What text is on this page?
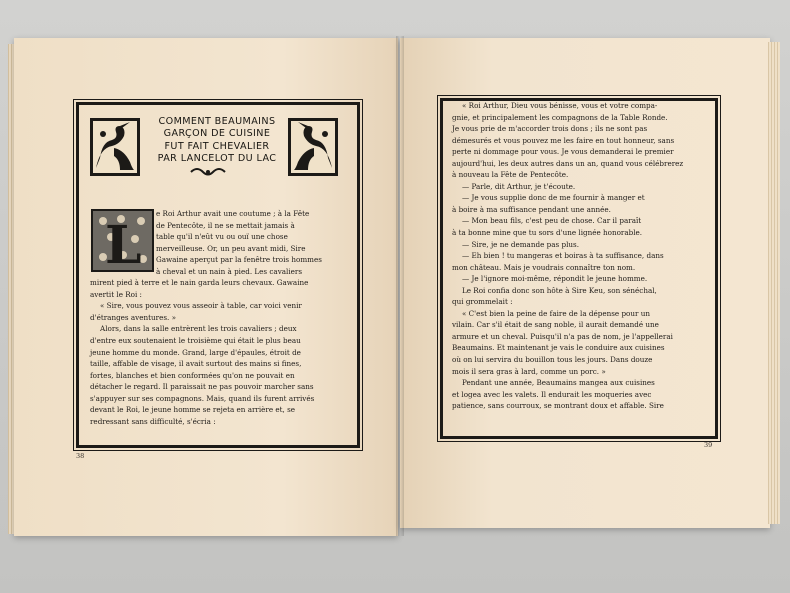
COMMENT BEAUMAINS
GARÇON DE CUISINE
FUT FAIT CHEVALIER
PAR LANCELOT DU LAC
L

e Roi Arthur avait une coutume ; à la Fête

de Pentecôte, il ne se mettait jamais à

table qu'il n'eût vu ou ouï une chose

merveilleuse. Or, un peu avant midi, Sire

Gawaine aperçut par la fenêtre trois hommes

à cheval et un nain à pied. Les cavaliers

mirent pied à terre et le nain garda leurs chevaux. Gawaine

avertit le Roi :

« Sire, vous pouvez vous asseoir à table, car voici venir

d'étranges aventures. »

Alors, dans la salle entrèrent les trois cavaliers ; deux

d'entre eux soutenaient le troisième qui était le plus beau

jeune homme du monde. Grand, large d'épaules, étroit de

taille, affable de visage, il avait surtout des mains si fines,

fortes, blanches et bien conformées qu'on ne pouvait en

détacher le regard. Il paraissait ne pas pouvoir marcher sans

s'appuyer sur ses compagnons. Mais, quand ils furent arrivés

devant le Roi, le jeune homme se rejeta en arrière et, se

redressant sans difficulté, s'écria :

« Roi Arthur, Dieu vous bénisse, vous et votre compa-

gnie, et principalement les compagnons de la Table Ronde.

Je vous prie de m'accorder trois dons ; ils ne sont pas

démesurés et vous pouvez me les faire en tout honneur, sans

perte ni dommage pour vous. Je vous demanderai le premier

aujourd'hui, les deux autres dans un an, quand vous célébrerez

à nouveau la Fête de Pentecôte.

— Parle, dit Arthur, je t'écoute.

— Je vous supplie donc de me fournir à manger et

à boire à ma suffisance pendant une année.

— Mon beau fils, c'est peu de chose. Car il paraît

à ta bonne mine que tu sors d'une lignée honorable.

— Sire, je ne demande pas plus.

— Eh bien ! tu mangeras et boiras à ta suffisance, dans

mon château. Mais je voudrais connaître ton nom.

— Je l'ignore moi-même, répondit le jeune homme.

Le Roi confia donc son hôte à Sire Keu, son sénéchal,

qui grommelait :

« C'est bien la peine de faire de la dépense pour un

vilain. Car s'il était de sang noble, il aurait demandé une

armure et un cheval. Puisqu'il n'a pas de nom, je l'appellerai

Beaumains. Et maintenant je vais le conduire aux cuisines

où on lui servira du bouillon tous les jours. Dans douze

mois il sera gras à lard, comme un porc. »

Pendant une année, Beaumains mangea aux cuisines

et logea avec les valets. Il endurait les moqueries avec

patience, sans courroux, se montrant doux et affable. Sire

38
39
